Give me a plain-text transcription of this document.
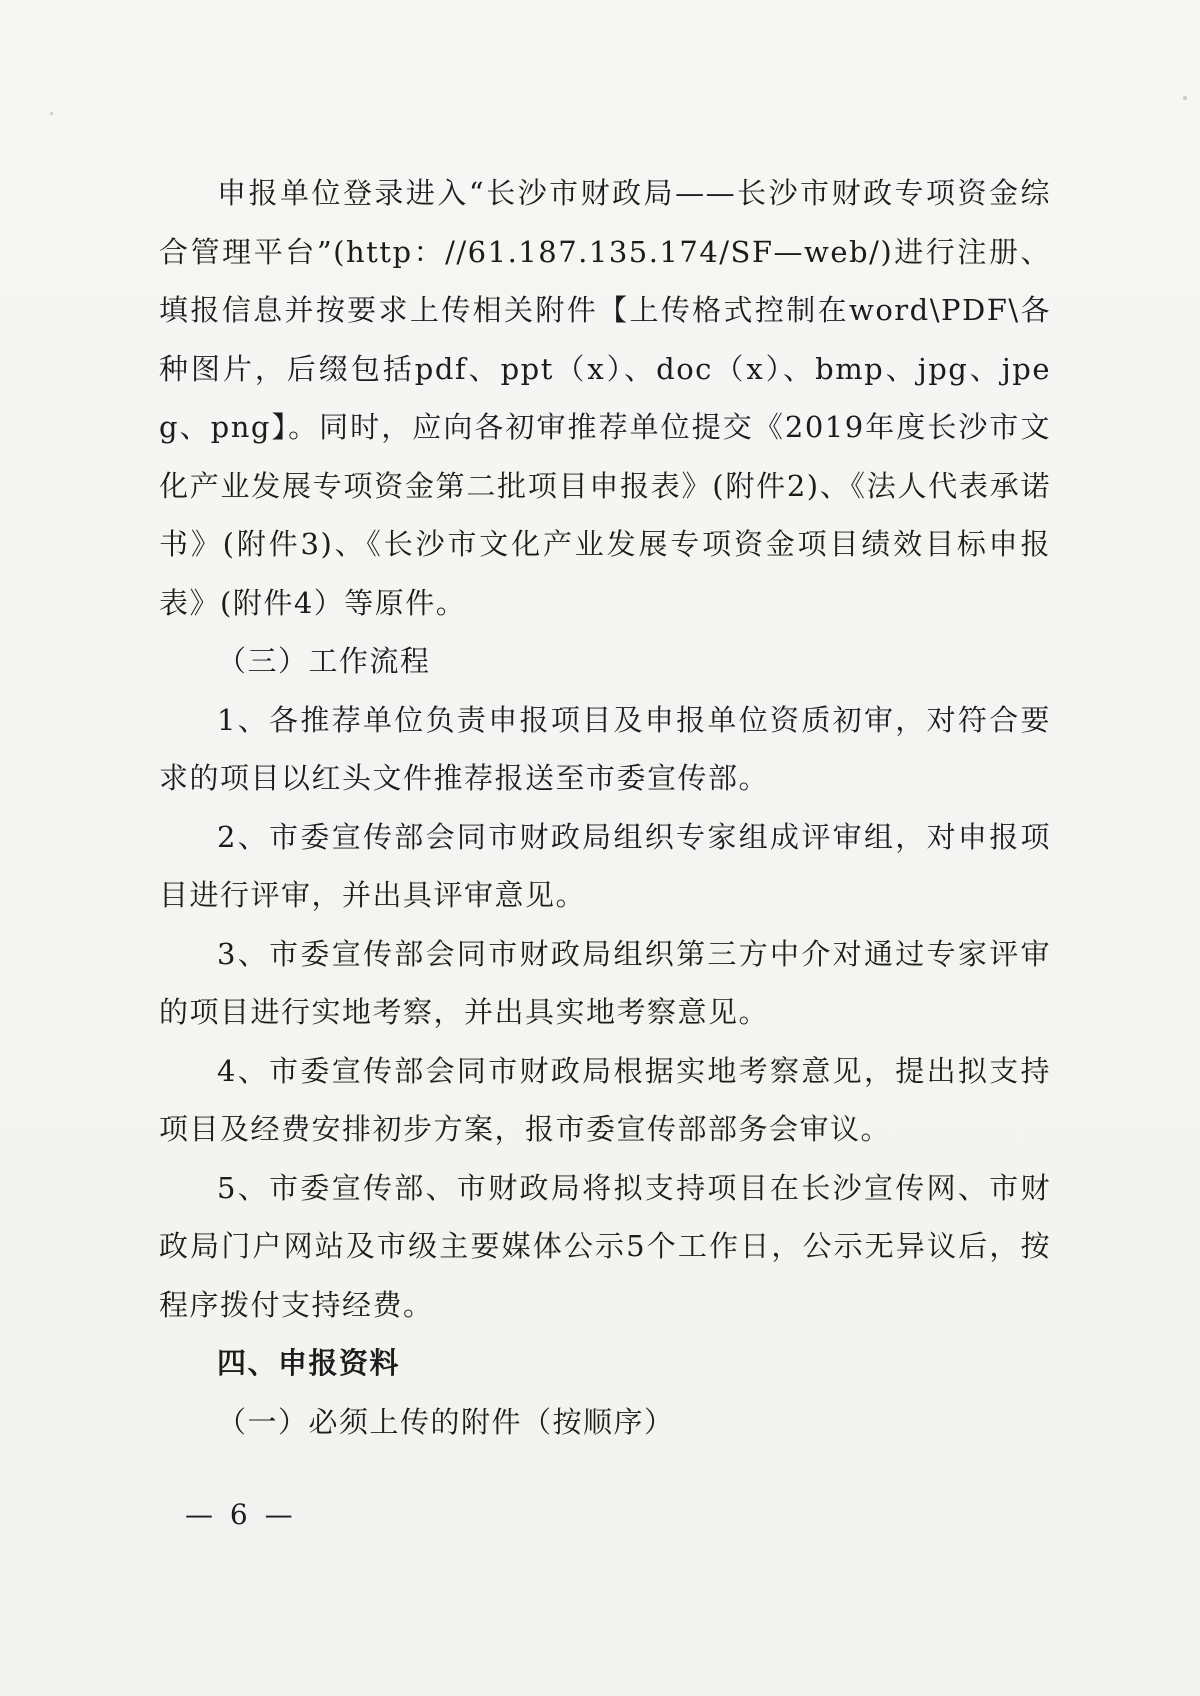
申报单位登录进入“长沙市财政局——长沙市财政专项资金综合管理平台”(http：//61.187.135.174/SF—web/)进行注册、填报信息并按要求上传相关附件【上传格式控制在word\PDF\各种图片，后缀包括pdf、ppt（x）、doc（x）、bmp、jpg、jpeg、png】。同时，应向各初审推荐单位提交《2019年度长沙市文化产业发展专项资金第二批项目申报表》(附件2)、《法人代表承诺书》(附件3)、《长沙市文化产业发展专项资金项目绩效目标申报表》(附件4）等原件。

（三）工作流程

1、各推荐单位负责申报项目及申报单位资质初审，对符合要求的项目以红头文件推荐报送至市委宣传部。

2、市委宣传部会同市财政局组织专家组成评审组，对申报项目进行评审，并出具评审意见。

3、市委宣传部会同市财政局组织第三方中介对通过专家评审的项目进行实地考察，并出具实地考察意见。

4、市委宣传部会同市财政局根据实地考察意见，提出拟支持项目及经费安排初步方案，报市委宣传部部务会审议。

5、市委宣传部、市财政局将拟支持项目在长沙宣传网、市财政局门户网站及市级主要媒体公示5个工作日，公示无异议后，按程序拨付支持经费。

四、申报资料

（一）必须上传的附件（按顺序）

— 6 —
